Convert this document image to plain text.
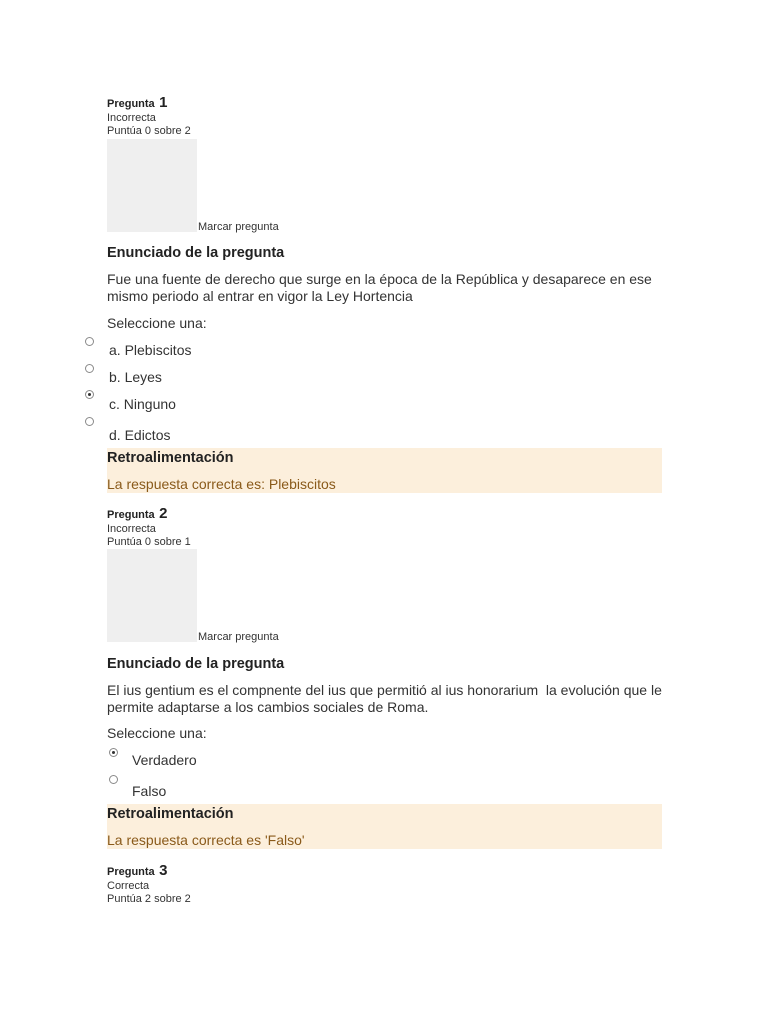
Pregunta 1
Incorrecta
Puntúa 0 sobre 2
Marcar pregunta
Enunciado de la pregunta
Fue una fuente de derecho que surge en la época de la República y desaparece en ese
mismo periodo al entrar en vigor la Ley Hortencia
Seleccione una:
a. Plebiscitos
b. Leyes
c. Ninguno
d. Edictos
Retroalimentación
La respuesta correcta es: Plebiscitos
Pregunta 2
Incorrecta
Puntúa 0 sobre 1
Marcar pregunta
Enunciado de la pregunta
El ius gentium es el compnente del ius que permitió al ius honorarium  la evolución que le
permite adaptarse a los cambios sociales de Roma.
Seleccione una:
Verdadero
Falso
Retroalimentación
La respuesta correcta es 'Falso'
Pregunta 3
Correcta
Puntúa 2 sobre 2
